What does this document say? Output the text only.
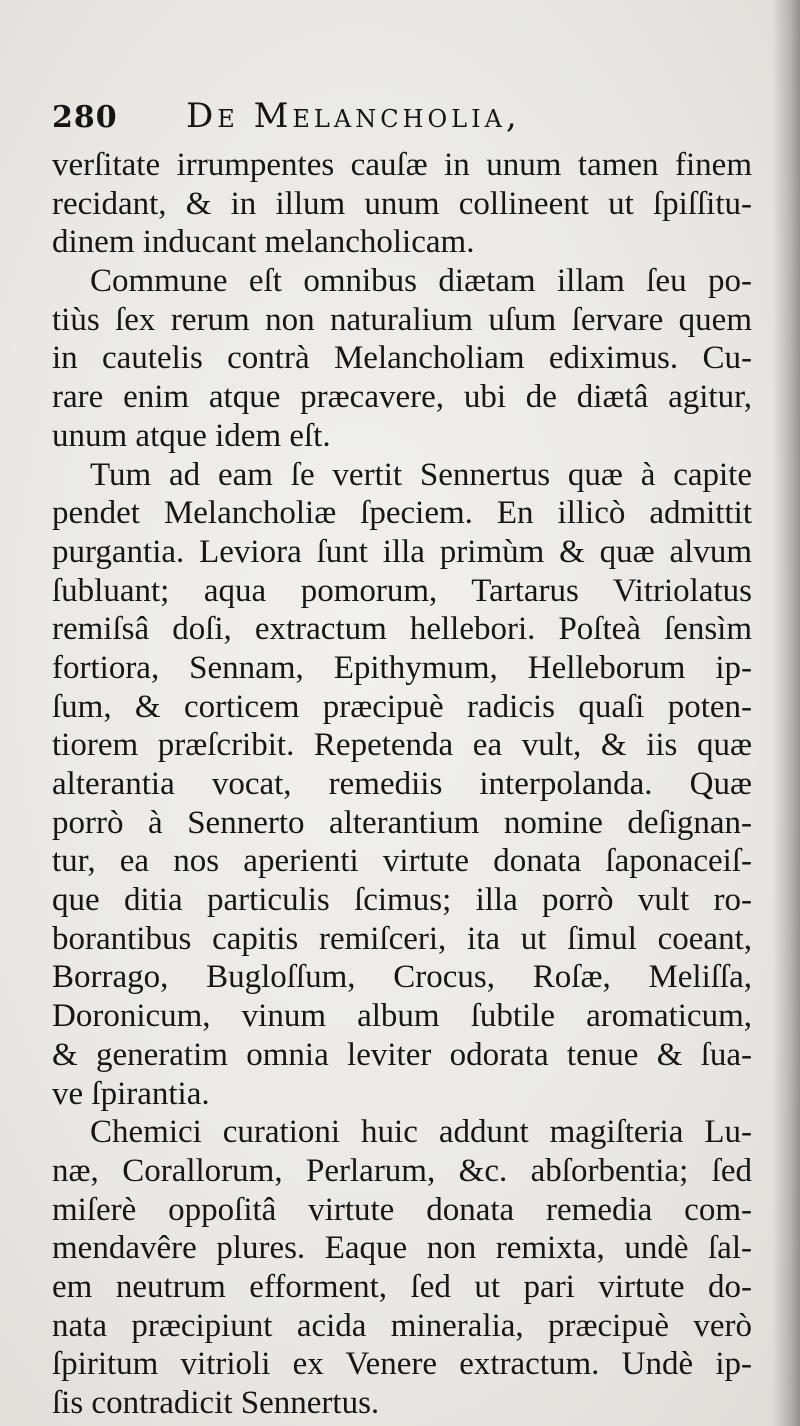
280 De Melancholia,
verſitate irrumpentes cauſæ in unum tamen finem
recidant, & in illum unum collineent ut ſpiſſitu-
dinem inducant melancholicam.
Commune eſt omnibus diætam illam ſeu po-
tiùs ſex rerum non naturalium uſum ſervare quem
in cautelis contrà Melancholiam ediximus. Cu-
rare enim atque præcavere, ubi de diætâ agitur,
unum atque idem eſt.
Tum ad eam ſe vertit Sennertus quæ à capite
pendet Melancholiæ ſpeciem. En illicò admittit
purgantia. Leviora ſunt illa primùm & quæ alvum
ſubluant; aqua pomorum, Tartarus Vitriolatus
remiſsâ doſi, extractum hellebori. Poſteà ſensìm
fortiora, Sennam, Epithymum, Helleborum ip-
ſum, & corticem præcipuè radicis quaſi poten-
tiorem præſcribit. Repetenda ea vult, & iis quæ
alterantia vocat, remediis interpolanda. Quæ
porrò à Sennerto alterantium nomine deſignan-
tur, ea nos aperienti virtute donata ſaponaceiſ-
que ditia particulis ſcimus; illa porrò vult ro-
borantibus capitis remiſceri, ita ut ſimul coeant,
Borrago, Bugloſſum, Crocus, Roſæ, Meliſſa,
Doronicum, vinum album ſubtile aromaticum,
& generatim omnia leviter odorata tenue & ſua-
ve ſpirantia.
Chemici curationi huic addunt magiſteria Lu-
næ, Corallorum, Perlarum, &c. abſorbentia; ſed
miſerè oppoſitâ virtute donata remedia com-
mendavêre plures. Eaque non remixta, undè ſal-
em neutrum efforment, ſed ut pari virtute do-
nata præcipiunt acida mineralia, præcipuè verò
ſpiritum vitrioli ex Venere extractum. Undè ip-
ſis contradicit Sennertus.
